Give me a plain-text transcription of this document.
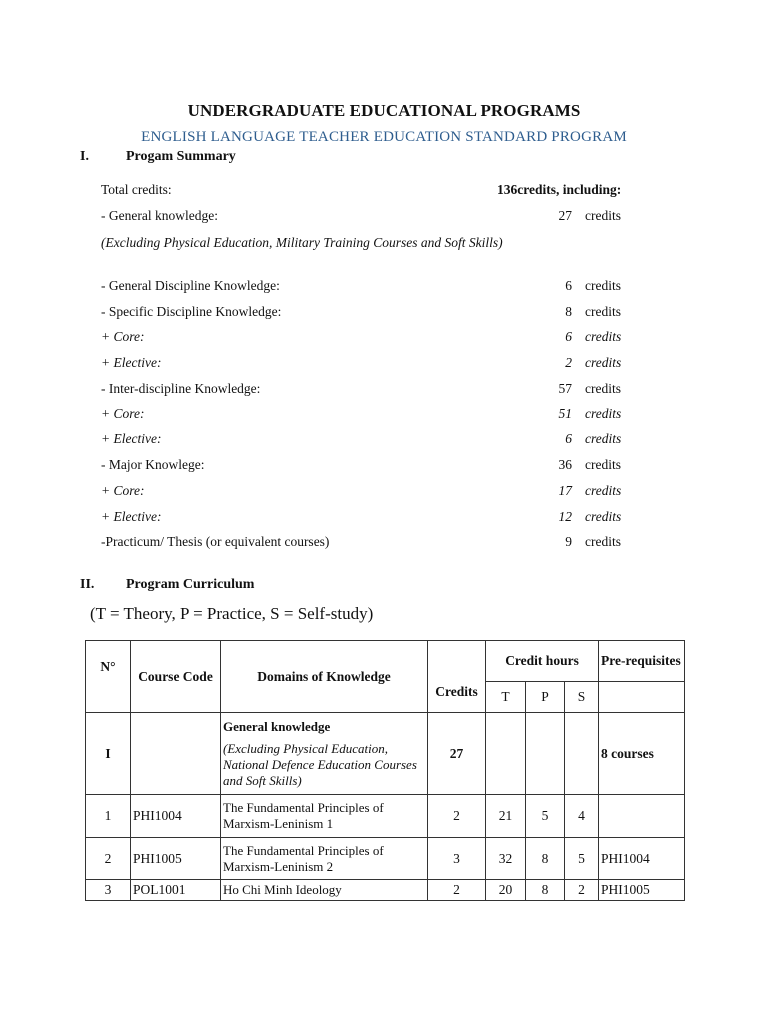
UNDERGRADUATE EDUCATIONAL PROGRAMS
ENGLISH LANGUAGE TEACHER EDUCATION STANDARD PROGRAM
I.	Progam Summary
Total credits:	136credits, including:
- General knowledge:	27 credits
(Excluding Physical Education, Military Training Courses and Soft Skills)
- General Discipline Knowledge:	6 credits
- Specific Discipline Knowledge:	8 credits
+ Core:	6 credits
+ Elective:	2 credits
- Inter-discipline Knowledge:	57 credits
+ Core:	51 credits
+ Elective:	6 credits
- Major Knowlege:	36 credits
+ Core:	17 credits
+ Elective:	12 credits
-Practicum/ Thesis (or equivalent courses)	9 credits
II. Program Curriculum
(T = Theory, P = Practice, S = Self-study)
N°	Course Code	Domains of Knowledge	Credits	Credit hours			Pre-requisites
				T	P	S	
I		General knowledge
(Excluding Physical Education, National Defence Education Courses and Soft Skills)	27				8 courses
1	PHI1004	The Fundamental Principles of Marxism-Leninism 1	2	21	5	4	
2	PHI1005	The Fundamental Principles of Marxism-Leninism 2	3	32	8	5	PHI1004
3	POL1001	Ho Chi Minh Ideology	2	20	8	2	PHI1005
